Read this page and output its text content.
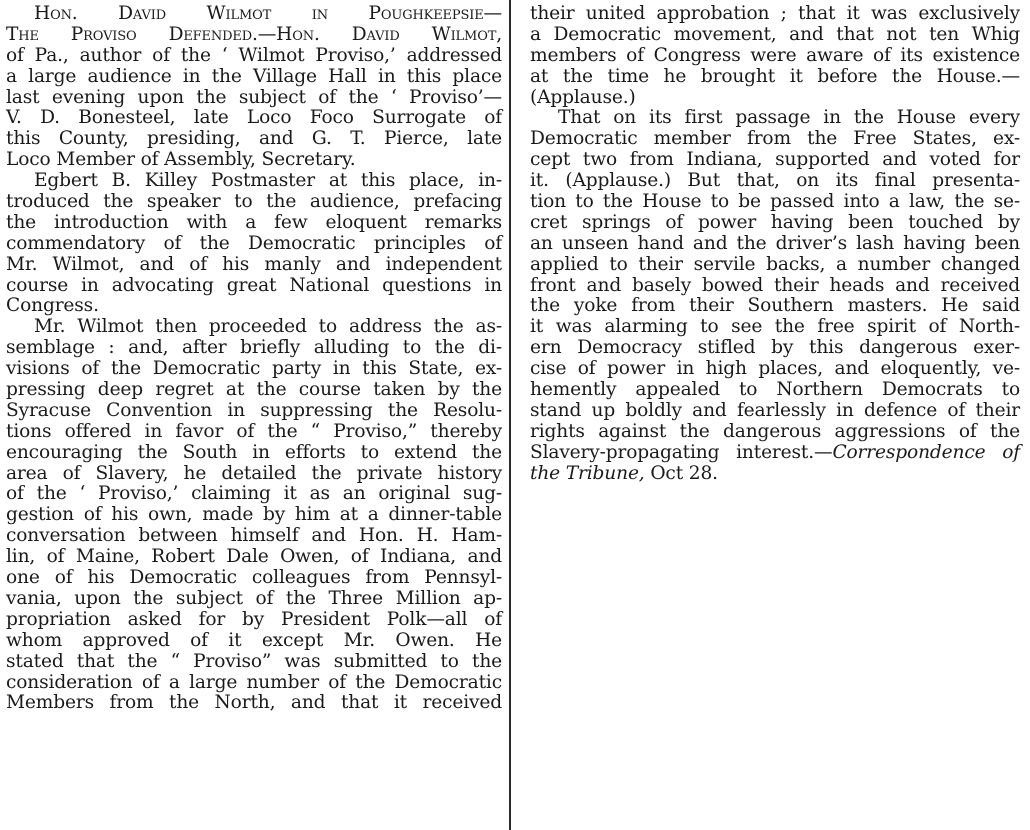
Hon. David Wilmot in Poughkeepsie—
The Proviso Defended.—Hon. David Wilmot,
of Pa., author of the ‘ Wilmot Proviso,’ addressed
a large audience in the Village Hall in this place
last evening upon the subject of the ‘ Proviso’—
V. D. Bonesteel, late Loco Foco Surrogate of
this County, presiding, and G. T. Pierce, late
Loco Member of Assembly, Secretary.
Egbert B. Killey Postmaster at this place, in-
troduced the speaker to the audience, prefacing
the introduction with a few eloquent remarks
commendatory of the Democratic principles of
Mr. Wilmot, and of his manly and independent
course in advocating great National questions in
Congress.
Mr. Wilmot then proceeded to address the as-
semblage : and, after briefly alluding to the di-
visions of the Democratic party in this State, ex-
pressing deep regret at the course taken by the
Syracuse Convention in suppressing the Resolu-
tions offered in favor of the “ Proviso,” thereby
encouraging the South in efforts to extend the
area of Slavery, he detailed the private history
of the ‘ Proviso,’ claiming it as an original sug-
gestion of his own, made by him at a dinner-table
conversation between himself and Hon. H. Ham-
lin, of Maine, Robert Dale Owen, of Indiana, and
one of his Democratic colleagues from Pennsyl-
vania, upon the subject of the Three Million ap-
propriation asked for by President Polk—all of
whom approved of it except Mr. Owen. He
stated that the “ Proviso” was submitted to the
consideration of a large number of the Democratic
Members from the North, and that it received
their united approbation ; that it was exclusively
a Democratic movement, and that not ten Whig
members of Congress were aware of its existence
at the time he brought it before the House.—
(Applause.)
That on its first passage in the House every
Democratic member from the Free States, ex-
cept two from Indiana, supported and voted for
it. (Applause.) But that, on its final presenta-
tion to the House to be passed into a law, the se-
cret springs of power having been touched by
an unseen hand and the driver’s lash having been
applied to their servile backs, a number changed
front and basely bowed their heads and received
the yoke from their Southern masters. He said
it was alarming to see the free spirit of North-
ern Democracy stifled by this dangerous exer-
cise of power in high places, and eloquently, ve-
hemently appealed to Northern Democrats to
stand up boldly and fearlessly in defence of their
rights against the dangerous aggressions of the
Slavery-propagating interest.—Correspondence of
the Tribune, Oct 28.
